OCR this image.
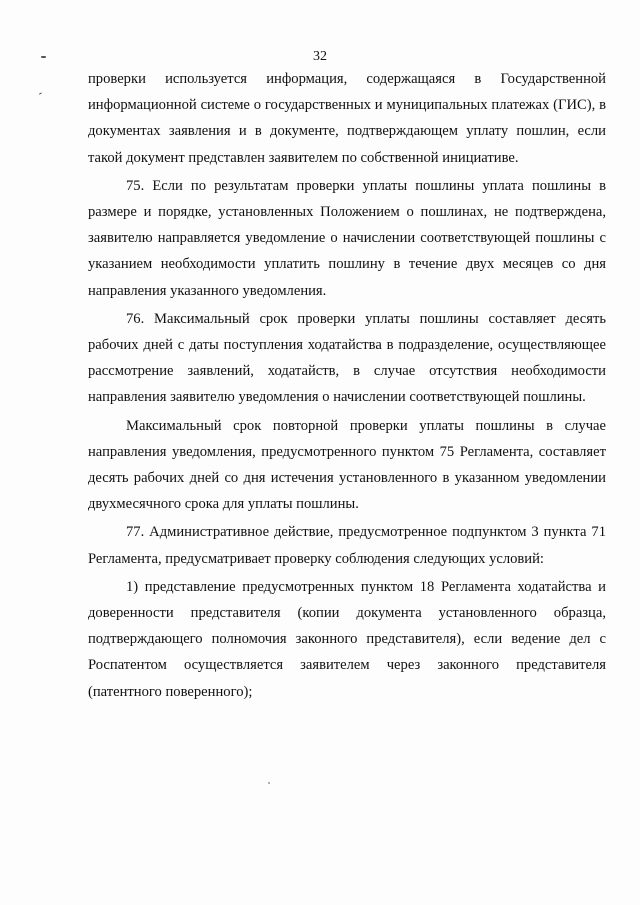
32

проверки используется информация, содержащаяся в Государственной информационной системе о государственных и муниципальных платежах (ГИС), в документах заявления и в документе, подтверждающем уплату пошлин, если такой документ представлен заявителем по собственной инициативе.

75. Если по результатам проверки уплаты пошлины уплата пошлины в размере и порядке, установленных Положением о пошлинах, не подтверждена, заявителю направляется уведомление о начислении соответствующей пошлины с указанием необходимости уплатить пошлину в течение двух месяцев со дня направления указанного уведомления.

76. Максимальный срок проверки уплаты пошлины составляет десять рабочих дней с даты поступления ходатайства в подразделение, осуществляющее рассмотрение заявлений, ходатайств, в случае отсутствия необходимости направления заявителю уведомления о начислении соответствующей пошлины.

Максимальный срок повторной проверки уплаты пошлины в случае направления уведомления, предусмотренного пунктом 75 Регламента, составляет десять рабочих дней со дня истечения установленного в указанном уведомлении двухмесячного срока для уплаты пошлины.

77. Административное действие, предусмотренное подпунктом 3 пункта 71 Регламента, предусматривает проверку соблюдения следующих условий:

1) представление предусмотренных пунктом 18 Регламента ходатайства и доверенности представителя (копии документа установленного образца, подтверждающего полномочия законного представителя), если ведение дел с Роспатентом осуществляется заявителем через законного представителя (патентного поверенного);
